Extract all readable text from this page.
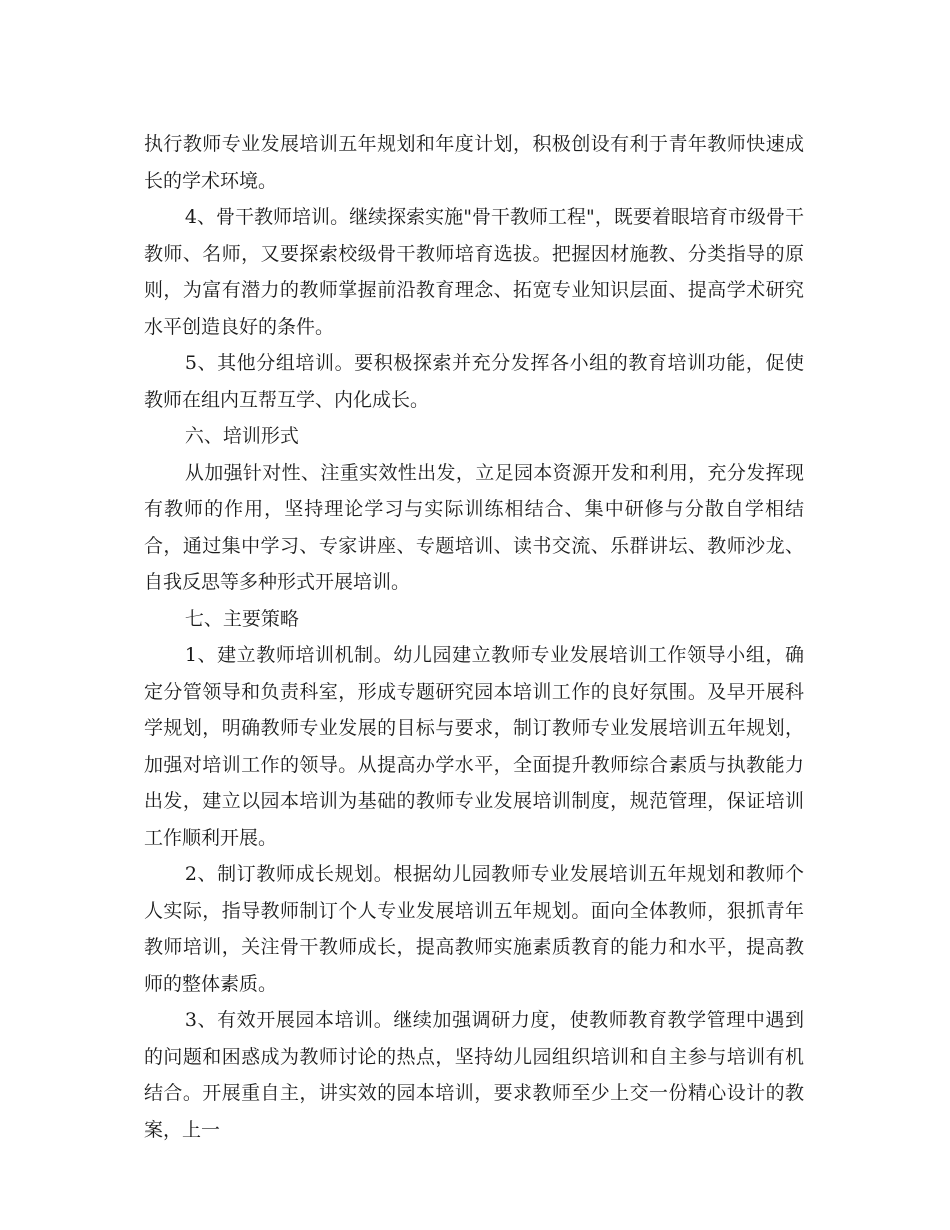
执行教师专业发展培训五年规划和年度计划，积极创设有利于青年教师快速成长的学术环境。

4、骨干教师培训。继续探索实施"骨干教师工程"，既要着眼培育市级骨干教师、名师，又要探索校级骨干教师培育选拔。把握因材施教、分类指导的原则，为富有潜力的教师掌握前沿教育理念、拓宽专业知识层面、提高学术研究水平创造良好的条件。

5、其他分组培训。要积极探索并充分发挥各小组的教育培训功能，促使教师在组内互帮互学、内化成长。

六、培训形式

从加强针对性、注重实效性出发，立足园本资源开发和利用，充分发挥现有教师的作用，坚持理论学习与实际训练相结合、集中研修与分散自学相结合，通过集中学习、专家讲座、专题培训、读书交流、乐群讲坛、教师沙龙、自我反思等多种形式开展培训。

七、主要策略

1、建立教师培训机制。幼儿园建立教师专业发展培训工作领导小组，确定分管领导和负责科室，形成专题研究园本培训工作的良好氛围。及早开展科学规划，明确教师专业发展的目标与要求，制订教师专业发展培训五年规划，加强对培训工作的领导。从提高办学水平，全面提升教师综合素质与执教能力出发，建立以园本培训为基础的教师专业发展培训制度，规范管理，保证培训工作顺利开展。

2、制订教师成长规划。根据幼儿园教师专业发展培训五年规划和教师个人实际，指导教师制订个人专业发展培训五年规划。面向全体教师，狠抓青年教师培训，关注骨干教师成长，提高教师实施素质教育的能力和水平，提高教师的整体素质。

3、有效开展园本培训。继续加强调研力度，使教师教育教学管理中遇到的问题和困惑成为教师讨论的热点，坚持幼儿园组织培训和自主参与培训有机结合。开展重自主，讲实效的园本培训，要求教师至少上交一份精心设计的教案，上一
